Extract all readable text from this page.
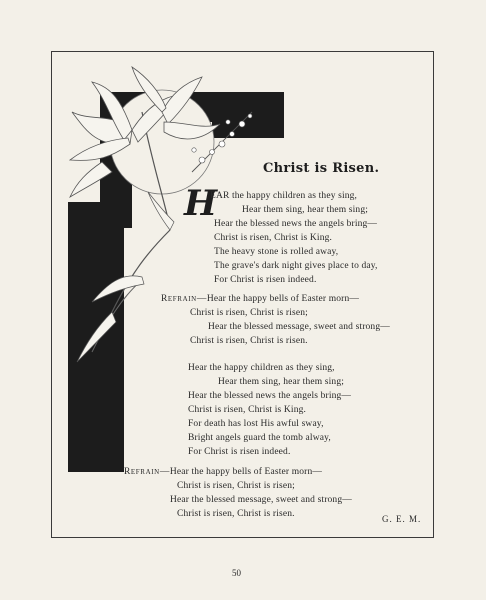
Christ is Risen.
H
EAR the happy children as they sing,
Hear them sing, hear them sing;
Hear the blessed news the angels bring—
Christ is risen, Christ is King.
The heavy stone is rolled away,
The grave's dark night gives place to day,
For Christ is risen indeed.
Refrain—Hear the happy bells of Easter morn—
Christ is risen, Christ is risen;
Hear the blessed message, sweet and strong—
Christ is risen, Christ is risen.
Hear the happy children as they sing,
Hear them sing, hear them sing;
Hear the blessed news the angels bring—
Christ is risen, Christ is King.
For death has lost His awful sway,
Bright angels guard the tomb alway,
For Christ is risen indeed.
Refrain—Hear the happy bells of Easter morn—
Christ is risen, Christ is risen;
Hear the blessed message, sweet and strong—
Christ is risen, Christ is risen.	G. E. M.
50
